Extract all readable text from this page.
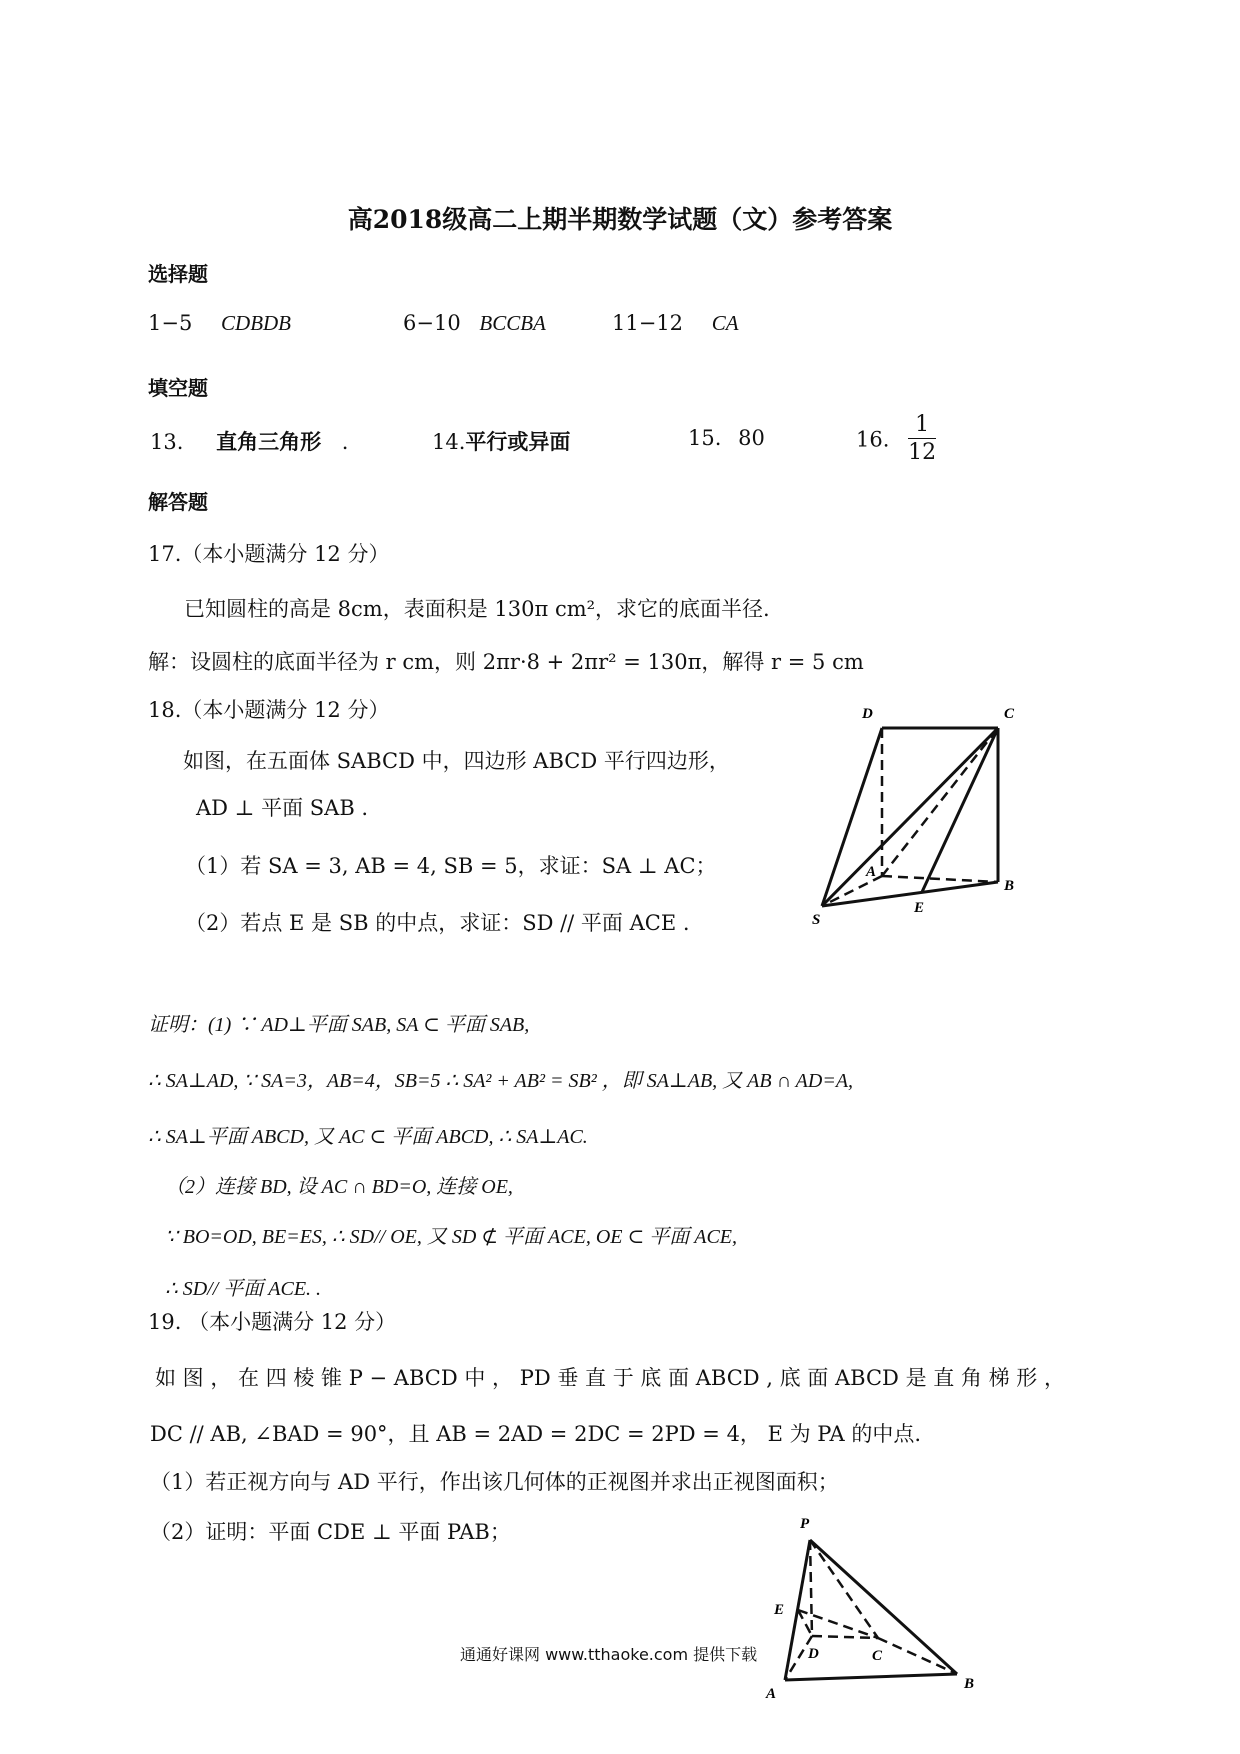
高2018级高二上期半期数学试题（文）参考答案
选择题
1−5 CDBDB	6−10 BCCBA	11−12 CA
填空题
13. 直角三角形 .	14.平行或异面	15. 80	16. $\frac{1}{12}$
解答题
17.（本小题满分 12 分）
已知圆柱的高是 8cm，表面积是 130π cm²，求它的底面半径.
解：设圆柱的底面半径为 r cm，则 2πr·8 + 2πr² = 130π，解得 r = 5 cm
18.（本小题满分 12 分）
如图，在五面体 SABCD 中，四边形 ABCD 平行四边形，
AD ⊥ 平面 SAB .
（1）若 SA = 3, AB = 4, SB = 5，求证：SA ⊥ AC；
（2）若点 E 是 SB 的中点，求证：SD // 平面 ACE .
D	C
A
B
S
E
证明：(1) ∵ AD⊥平面 SAB, SA ⊂ 平面 SAB,
∴ SA⊥AD, ∵ SA=3，AB=4，SB=5 ∴ SA² + AB² = SB² ，即 SA⊥AB, 又 AB ∩ AD=A,
∴ SA⊥平面 ABCD, 又 AC ⊂ 平面 ABCD, ∴ SA⊥AC.
（2）连接 BD, 设 AC ∩ BD=O, 连接 OE,
∵ BO=OD, BE=ES, ∴ SD// OE, 又 SD ⊄ 平面 ACE, OE ⊂ 平面 ACE,
∴ SD// 平面 ACE. .
19. （本小题满分 12 分）
如 图 ， 在 四 棱 锥 P − ABCD 中 ， PD 垂 直 于 底 面 ABCD , 底 面 ABCD 是 直 角 梯 形 ，
DC // AB, ∠BAD = 90°，且 AB = 2AD = 2DC = 2PD = 4， E 为 PA 的中点.
（1）若正视方向与 AD 平行，作出该几何体的正视图并求出正视图面积；
（2）证明：平面 CDE ⊥ 平面 PAB；	P
E
D	C
A
B
通通好课网 www.tthaoke.com 提供下载
